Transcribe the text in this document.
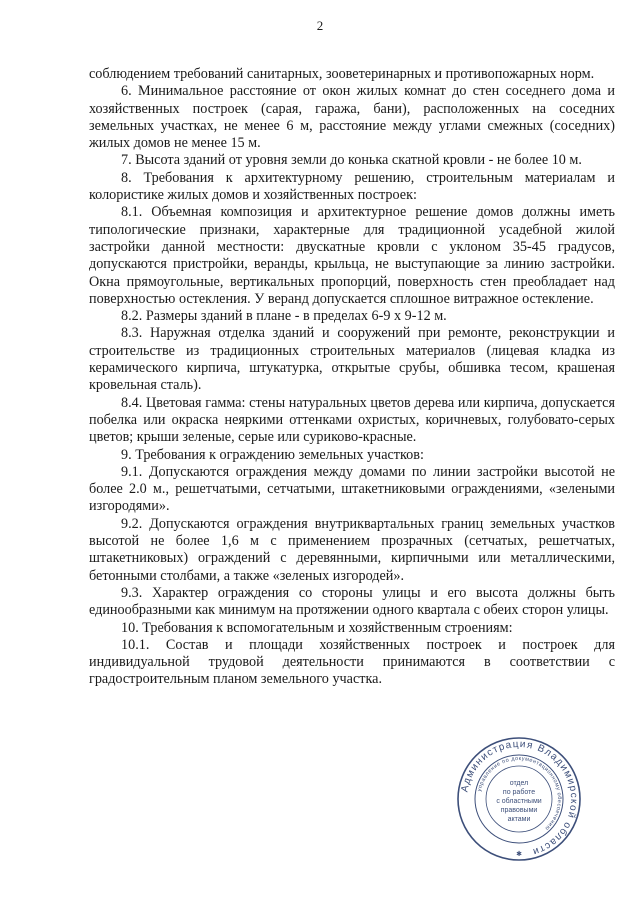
2

соблюдением требований санитарных, зооветеринарных и противопожарных норм.

6. Минимальное расстояние от окон жилых комнат до стен соседнего дома и хозяйственных построек (сарая, гаража, бани), расположенных на соседних земельных участках, не менее 6 м, расстояние между углами смежных (соседних) жилых домов не менее 15 м.

7. Высота зданий от уровня земли до конька скатной кровли - не более 10 м.

8. Требования к архитектурному решению, строительным материалам и колористике жилых домов и хозяйственных построек:

8.1. Объемная композиция и архитектурное решение домов должны иметь типологические признаки, характерные для традиционной усадебной жилой застройки данной местности: двускатные кровли с уклоном 35-45 градусов, допускаются пристройки, веранды, крыльца, не выступающие за линию застройки. Окна прямоугольные, вертикальных пропорций, поверхность стен преобладает над поверхностью остекления. У веранд допускается сплошное витражное остекление.

8.2. Размеры зданий в плане - в пределах 6-9 х 9-12 м.

8.3. Наружная отделка зданий и сооружений при ремонте, реконструкции и строительстве из традиционных строительных материалов (лицевая кладка из керамического кирпича, штукатурка, открытые срубы, обшивка тесом, крашеная кровельная сталь).

8.4. Цветовая гамма: стены натуральных цветов дерева или кирпича, допускается побелка или окраска неяркими оттенками охристых, коричневых, голубовато-серых цветов; крыши зеленые, серые или суриково-красные.

9. Требования к ограждению земельных участков:

9.1. Допускаются ограждения между домами по линии застройки высотой не более 2.0 м., решетчатыми, сетчатыми, штакетниковыми ограждениями, «зелеными изгородями».

9.2. Допускаются ограждения внутриквартальных границ земельных участков высотой не более 1,6 м с применением прозрачных (сетчатых, решетчатых, штакетниковых) ограждений с деревянными, кирпичными или металлическими, бетонными столбами, а также «зеленых изгородей».

9.3. Характер ограждения со стороны улицы и его высота должны быть единообразными как минимум на протяжении одного квартала с обеих сторон улицы.

10. Требования к вспомогательным и хозяйственным строениям:

10.1. Состав и площади хозяйственных построек и построек для индивидуальной трудовой деятельности принимаются в соответствии с градостроительным планом земельного участка.

Администрация Владимирской области
управление по документационному обеспечению
отдел
по работе
с областными
правовыми
актами
✱
